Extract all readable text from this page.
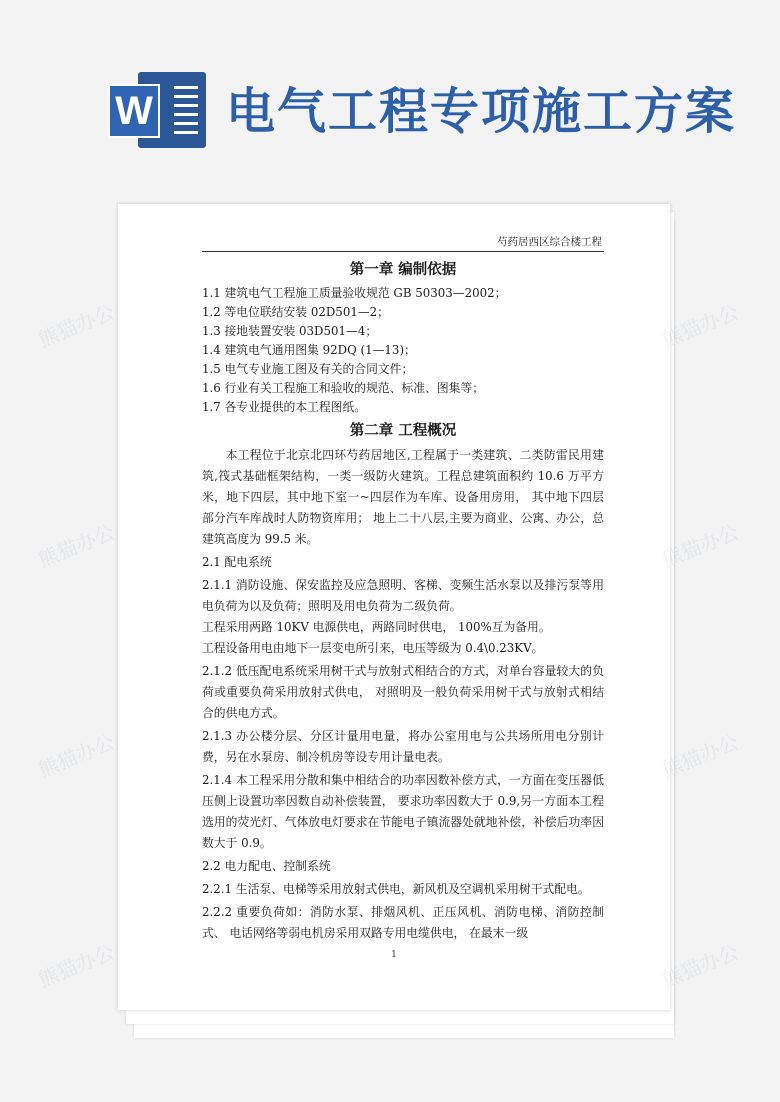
W 电气工程专项施工方案
芍药居西区综合楼工程
第一章 编制依据
1.1 建筑电气工程施工质量验收规范 GB 50303—2002；
1.2 等电位联结安装 02D501—2；
1.3 接地装置安装 03D501—4；
1.4 建筑电气通用图集 92DQ (1—13)；
1.5 电气专业施工图及有关的合同文件；
1.6 行业有关工程施工和验收的规范、标准、图集等；
1.7 各专业提供的本工程图纸。
第二章 工程概况
本工程位于北京北四环芍药居地区,工程属于一类建筑、二类防雷民用建筑,筏式基础框架结构，一类一级防火建筑。工程总建筑面积约 10.6 万平方米，地下四层，其中地下室一~四层作为车库、设备用房用， 其中地下四层部分汽车库战时人防物资库用； 地上二十八层,主要为商业、公寓、办公，总建筑高度为 99.5 米。
2.1 配电系统
2.1.1 消防设施、保安监控及应急照明、客梯、变频生活水泵以及排污泵等用电负荷为以及负荷；照明及用电负荷为二级负荷。
工程采用两路 10KV 电源供电，两路同时供电， 100%互为备用。
工程设备用电由地下一层变电所引来，电压等级为 0.4\0.23KV。
2.1.2 低压配电系统采用树干式与放射式相结合的方式，对单台容量较大的负荷或重要负荷采用放射式供电， 对照明及一般负荷采用树干式与放射式相结合的供电方式。
2.1.3 办公楼分层、分区计量用电量，将办公室用电与公共场所用电分别计费，另在水泵房、制冷机房等设专用计量电表。
2.1.4 本工程采用分散和集中相结合的功率因数补偿方式，一方面在变压器低压侧上设置功率因数自动补偿装置， 要求功率因数大于 0.9,另一方面本工程选用的荧光灯、气体放电灯要求在节能电子镇流器处就地补偿，补偿后功率因数大于 0.9。
2.2 电力配电、控制系统
2.2.1 生活泵、电梯等采用放射式供电，新风机及空调机采用树干式配电。
2.2.2 重要负荷如：消防水泵、排烟风机、正压风机、消防电梯、消防控制式、 电话网络等弱电机房采用双路专用电缆供电， 在最末一级
1
熊猫办公
熊猫办公
熊猫办公
熊猫办公
熊猫办公
熊猫办公
熊猫办公
熊猫办公
